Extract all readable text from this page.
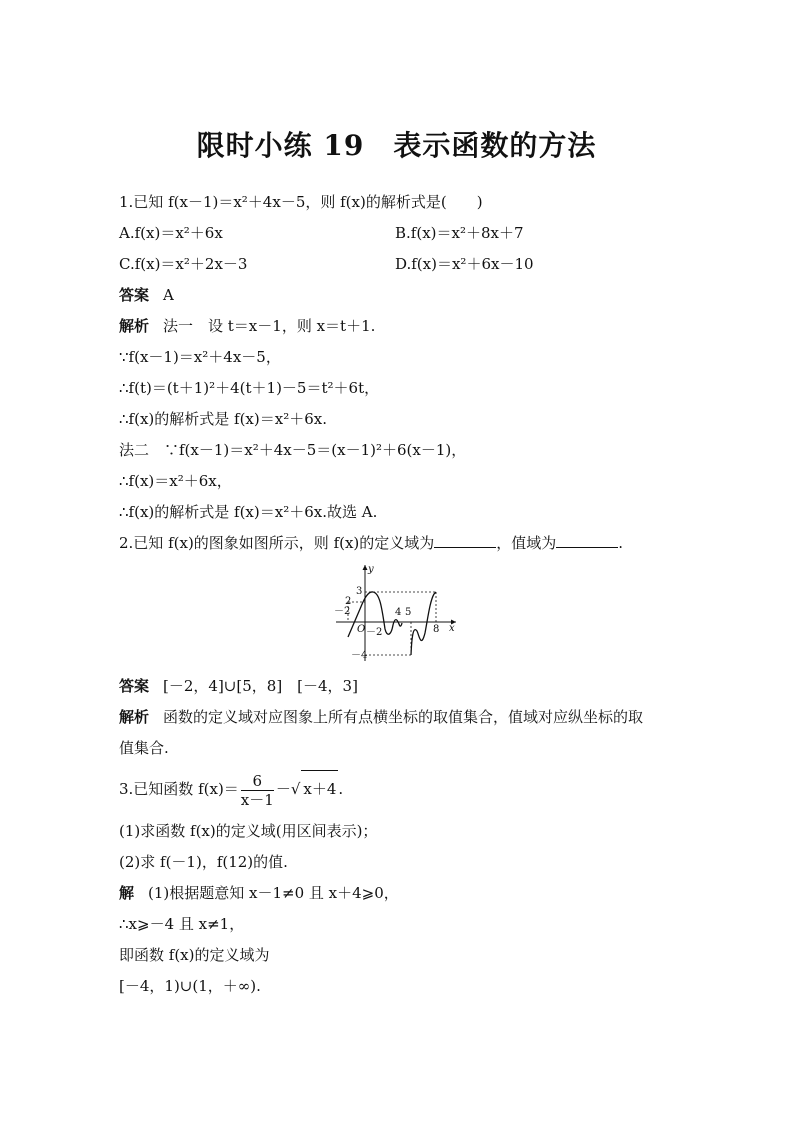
限时小练 19　表示函数的方法
1.已知 f(x－1)＝x²＋4x－5，则 f(x)的解析式是(　　)
A.f(x)＝x²＋6x	B.f(x)＝x²＋8x＋7
C.f(x)＝x²＋2x－3	D.f(x)＝x²＋6x－10
答案 A
解析 法一　设 t＝x－1，则 x＝t＋1.
∵f(x－1)＝x²＋4x－5，
∴f(t)＝(t＋1)²＋4(t＋1)－5＝t²＋6t，
∴f(x)的解析式是 f(x)＝x²＋6x.
法二　∵f(x－1)＝x²＋4x－5＝(x－1)²＋6(x－1)，
∴f(x)＝x²＋6x，
∴f(x)的解析式是 f(x)＝x²＋6x.故选 A.
2.已知 f(x)的图象如图所示，则 f(x)的定义域为	，值域为	.
y
x
3
2
－2
O －2
－4
4 5
8
答案 [－2，4]∪[5，8]　[－4，3]
解析 函数的定义域对应图象上所有点横坐标的取值集合，值域对应纵坐标的取
值集合.
3.已知函数 $f(x)= \frac{6}{x-1}$ －√ x＋4 .
(1)求函数 f(x)的定义域(用区间表示)；
(2)求 f(－1)，f(12)的值.
解 (1)根据题意知 x－1≠0 且 x＋4⩾0，
∴x⩾－4 且 x≠1，
即函数 f(x)的定义域为
[－4，1)∪(1，＋∞).
